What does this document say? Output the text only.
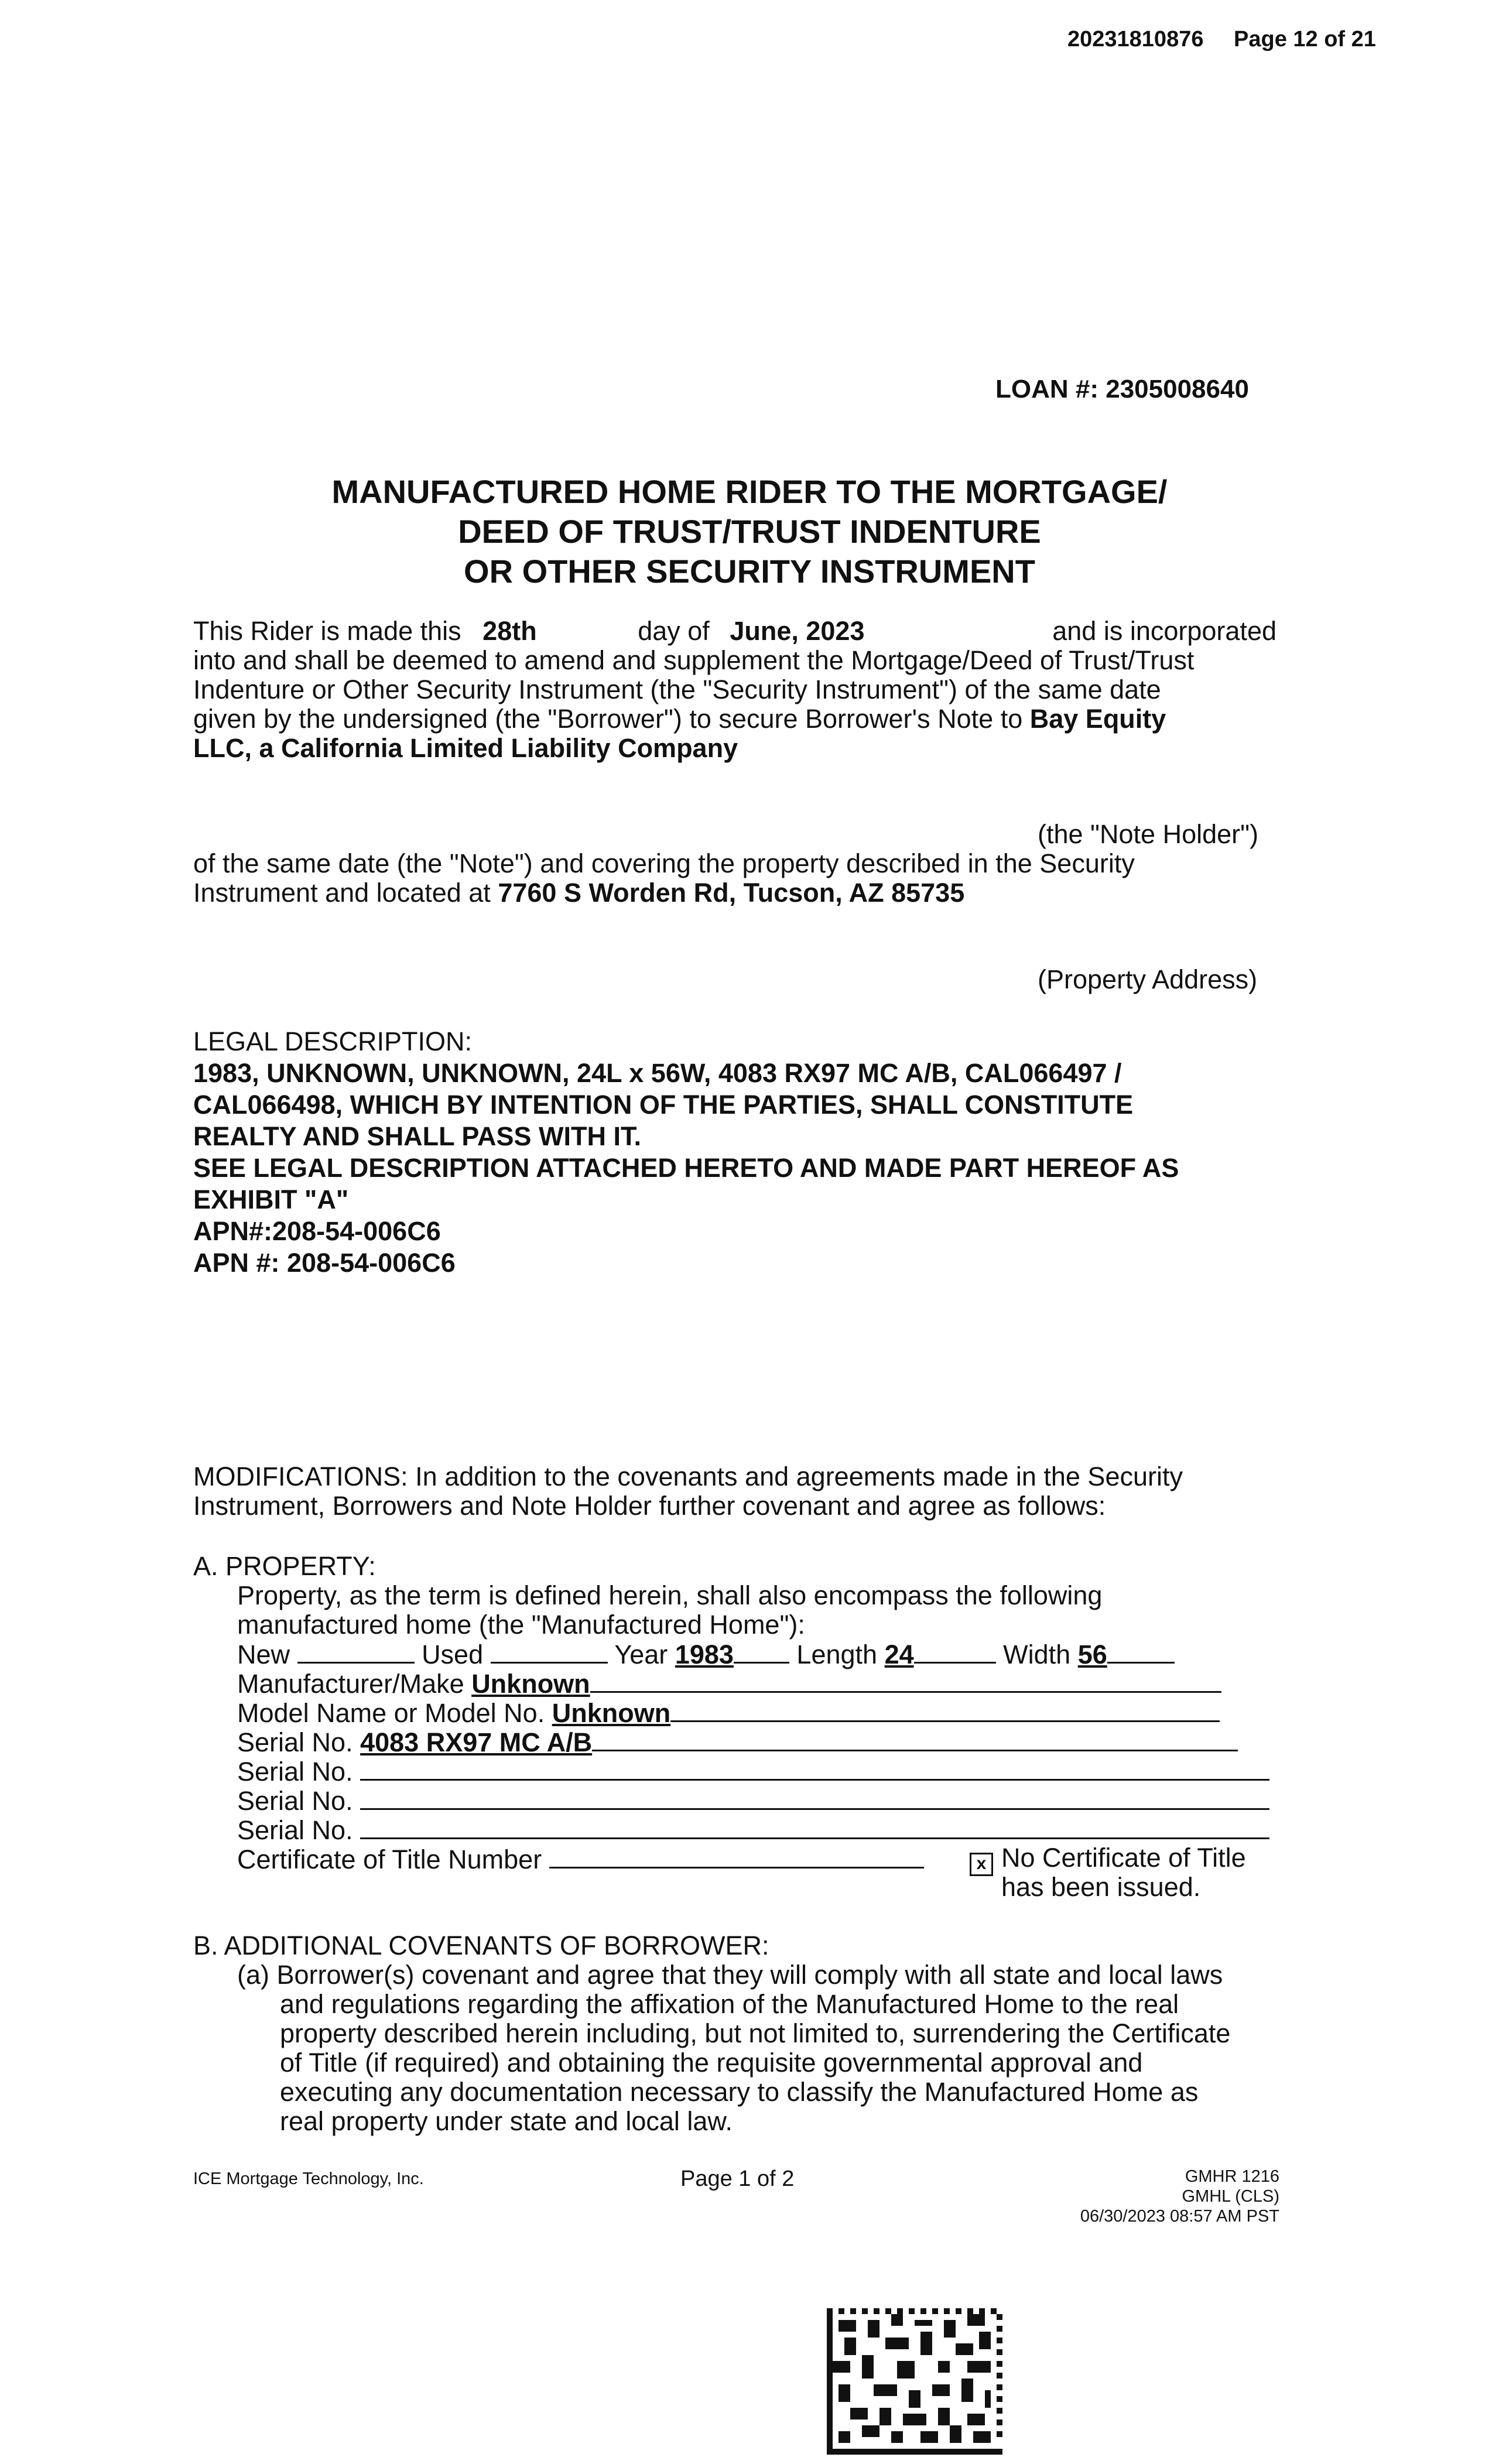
20231810876 Page 12 of 21
LOAN #: 2305008640
MANUFACTURED HOME RIDER TO THE MORTGAGE/
DEED OF TRUST/TRUST INDENTURE
OR OTHER SECURITY INSTRUMENT
This Rider is made this 28th	day of June, 2023	and is incorporated
into and shall be deemed to amend and supplement the Mortgage/Deed of Trust/Trust
Indenture or Other Security Instrument (the "Security Instrument") of the same date
given by the undersigned (the "Borrower") to secure Borrower's Note to Bay Equity
LLC, a California Limited Liability Company
(the "Note Holder")
of the same date (the "Note") and covering the property described in the Security
Instrument and located at 7760 S Worden Rd, Tucson, AZ 85735
(Property Address)
LEGAL DESCRIPTION:
1983, UNKNOWN, UNKNOWN, 24L x 56W, 4083 RX97 MC A/B, CAL066497 /
CAL066498, WHICH BY INTENTION OF THE PARTIES, SHALL CONSTITUTE
REALTY AND SHALL PASS WITH IT.
SEE LEGAL DESCRIPTION ATTACHED HERETO AND MADE PART HEREOF AS
EXHIBIT "A"
APN#:208-54-006C6
APN #: 208-54-006C6
MODIFICATIONS: In addition to the covenants and agreements made in the Security
Instrument, Borrowers and Note Holder further covenant and agree as follows:
A. PROPERTY:
Property, as the term is defined herein, shall also encompass the following
manufactured home (the "Manufactured Home"):
New	Used	Year 1983 Length 24	Width 56
Manufacturer/Make Unknown
Model Name or Model No. Unknown
Serial No. 4083 RX97 MC A/B
Serial No.
Serial No.
Serial No.
Certificate of Title Number	x No Certificate of Title
has been issued.
B. ADDITIONAL COVENANTS OF BORROWER:
(a) Borrower(s) covenant and agree that they will comply with all state and local laws
and regulations regarding the affixation of the Manufactured Home to the real
property described herein including, but not limited to, surrendering the Certificate
of Title (if required) and obtaining the requisite governmental approval and
executing any documentation necessary to classify the Manufactured Home as
real property under state and local law.
ICE Mortgage Technology, Inc.	Page 1 of 2	GMHR 1216
GMHL (CLS)
06/30/2023 08:57 AM PST
